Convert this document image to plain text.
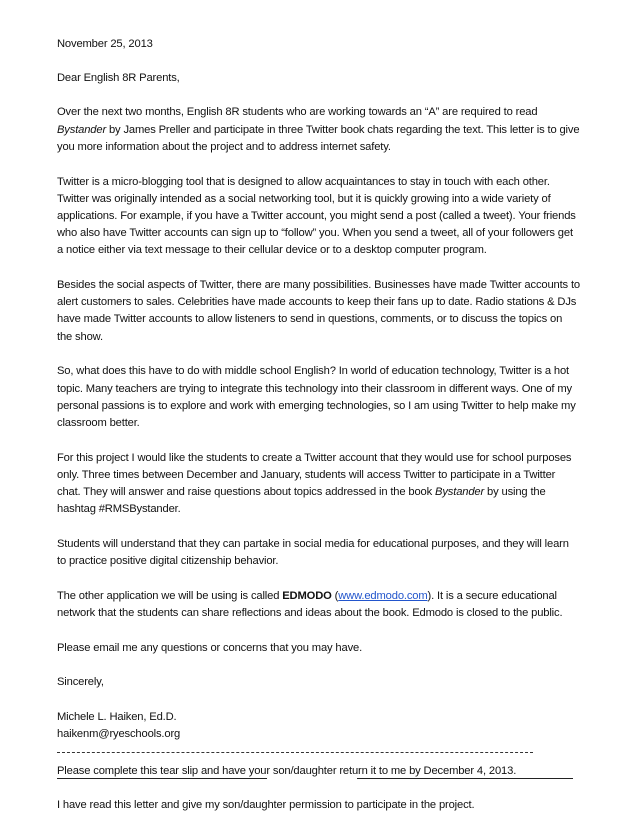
November 25, 2013

Dear English 8R Parents,

Over the next two months, English 8R students who are working towards an “A” are required to read Bystander by James Preller and participate in three Twitter book chats regarding the text. This letter is to give you more information about the project and to address internet safety.

Twitter is a micro-blogging tool that is designed to allow acquaintances to stay in touch with each other. Twitter was originally intended as a social networking tool, but it is quickly growing into a wide variety of applications. For example, if you have a Twitter account, you might send a post (called a tweet). Your friends who also have Twitter accounts can sign up to “follow” you. When you send a tweet, all of your followers get a notice either via text message to their cellular device or to a desktop computer program.

Besides the social aspects of Twitter, there are many possibilities. Businesses have made Twitter accounts to alert customers to sales. Celebrities have made accounts to keep their fans up to date. Radio stations & DJs have made Twitter accounts to allow listeners to send in questions, comments, or to discuss the topics on the show.

So, what does this have to do with middle school English? In world of education technology, Twitter is a hot topic. Many teachers are trying to integrate this technology into their classroom in different ways. One of my personal passions is to explore and work with emerging technologies, so I am using Twitter to help make my classroom better.

For this project I would like the students to create a Twitter account that they would use for school purposes only. Three times between December and January, students will access Twitter to participate in a Twitter chat. They will answer and raise questions about topics addressed in the book Bystander by using the hashtag #RMSBystander.

Students will understand that they can partake in social media for educational purposes, and they will learn to practice positive digital citizenship behavior.

The other application we will be using is called EDMODO (www.edmodo.com). It is a secure educational network that the students can share reflections and ideas about the book. Edmodo is closed to the public.

Please email me any questions or concerns that you may have.

Sincerely,

Michele L. Haiken, Ed.D.

haikenm@ryeschools.org

Please complete this tear slip and have your son/daughter return it to me by December 4, 2013.

I have read this letter and give my son/daughter permission to participate in the project.
